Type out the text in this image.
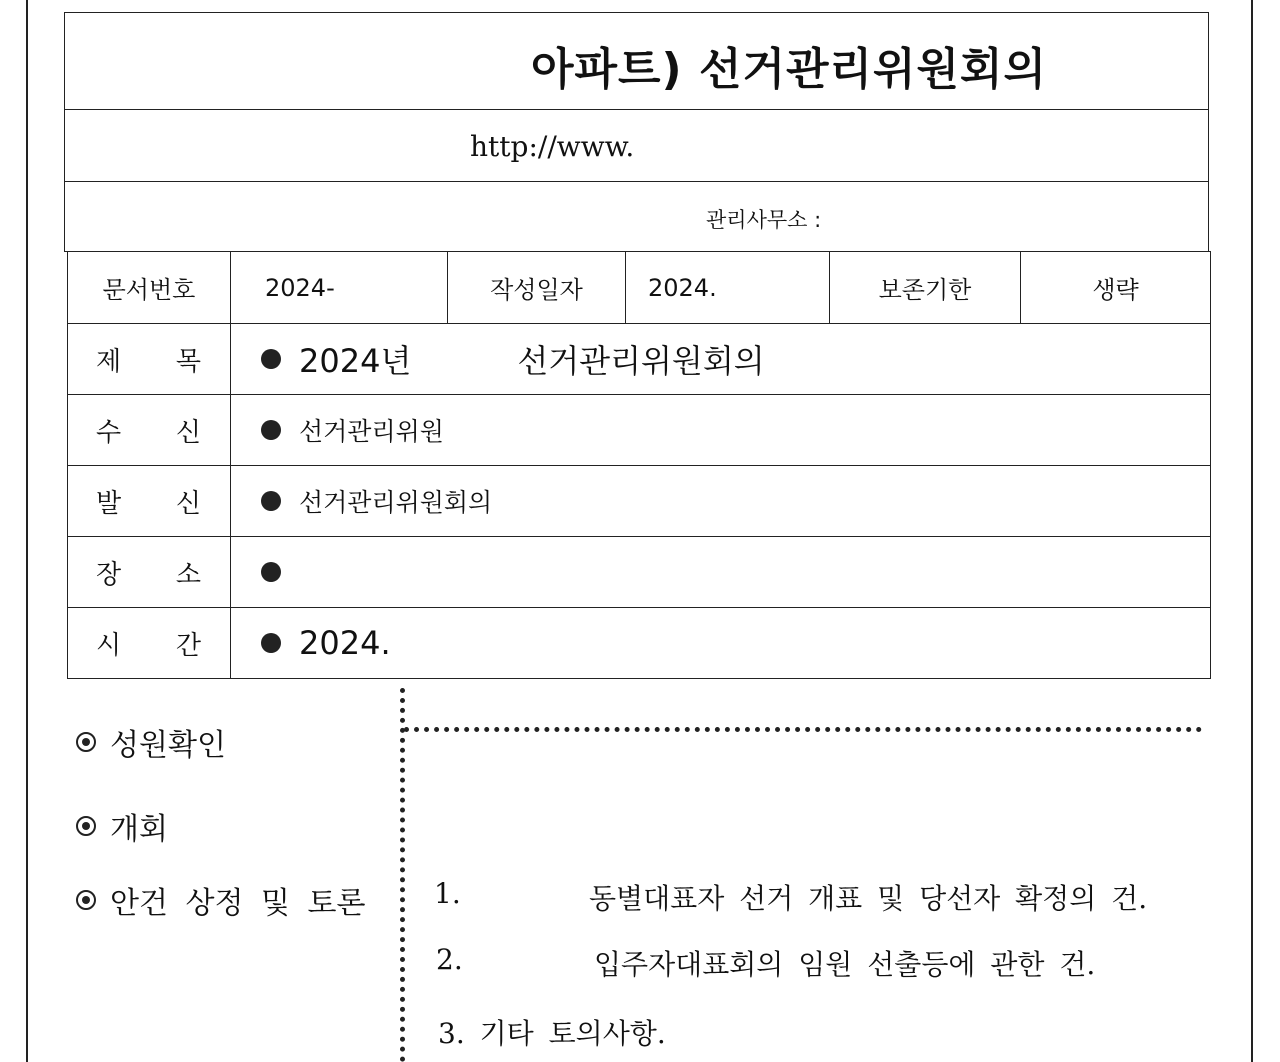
아파트) 선거관리위원회의
http://www.
관리사무소 :
문서번호	2024-	작성일자	2024.	보존기한	생략
제 목	2024년	선거관리위원회의
수 신	선거관리위원
발 신	선거관리위원회의
장 소
시 간	2024.
성원확인
개회
안건 상정 및 토론 1.	동별대표자 선거 개표 및 당선자 확정의 건.
2.	입주자대표회의 임원 선출등에 관한 건.
3. 기타 토의사항.
